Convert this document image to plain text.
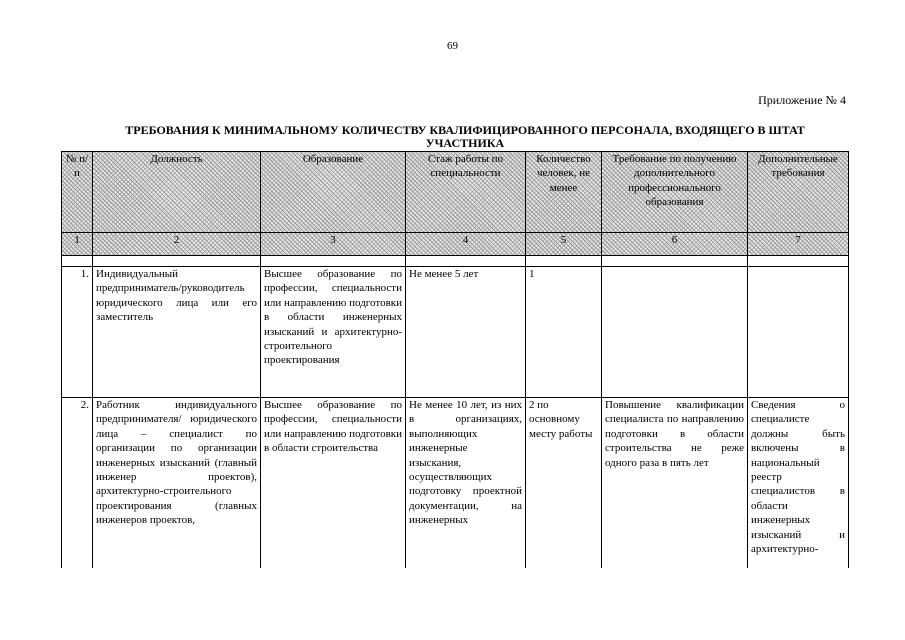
69
Приложение № 4
ТРЕБОВАНИЯ К МИНИМАЛЬНОМУ КОЛИЧЕСТВУ КВАЛИФИЦИРОВАННОГО ПЕРСОНАЛА, ВХОДЯЩЕГО В ШТАТ
УЧАСТНИКА
№ п/п	Должность	Образование	Стаж работы по специальности	Количество человек, не менее	Требование по получению дополнительного профессионального образования	Дополнительные требования
1	2	3	4	5	6	7

1.	Индивидуальный предприниматель/руководитель юридического лица или его заместитель	Высшее образование по профессии, специальности или направлению подготовки в области инженерных изысканий и архитектурно-строительного проектирования	Не менее 5 лет	1		
2.	Работник индивидуального предпринимателя/ юридического лица – специалист по организации по организации инженерных изысканий (главный инженер проектов), архитектурно-строительного проектирования (главных инженеров проектов,	Высшее образование по профессии, специальности или направлению подготовки в области строительства	Не менее 10 лет, из них в организациях, выполняющих инженерные изыскания, осуществляющих подготовку проектной документации, на инженерных	2 по основному месту работы	Повышение квалификации специалиста по направлению подготовки в области строительства не реже одного раза в пять лет	Сведения о специалисте должны быть включены в национальный реестр специалистов в области инженерных изысканий и архитектурно-
